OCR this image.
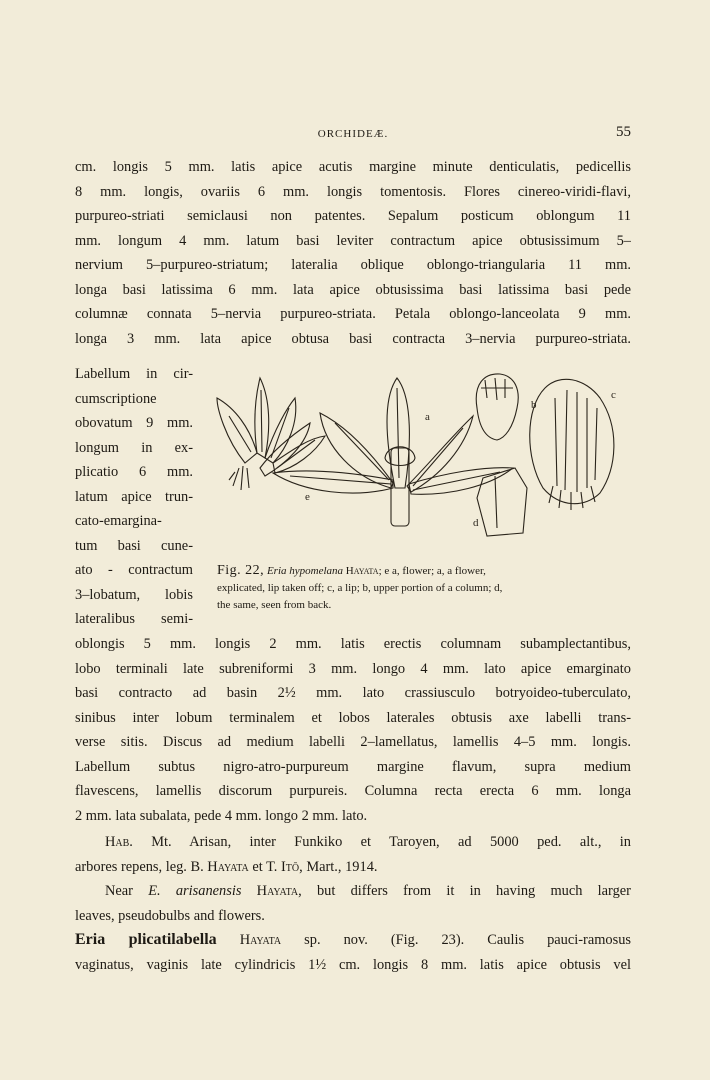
ORCHIDEÆ.	55
cm. longis 5 mm. latis apice acutis margine minute denticulatis, pedicellis
8 mm. longis, ovariis 6 mm. longis tomentosis. Flores cinereo-viridi-flavi,
purpureo-striati semiclausi non patentes. Sepalum posticum oblongum 11
mm. longum 4 mm. latum basi leviter contractum apice obtusissimum 5–
nervium 5–purpureo-striatum; lateralia oblique oblongo-triangularia 11 mm.
longa basi latissima 6 mm. lata apice obtusissima basi latissima basi pede
columnæ connata 5–nervia purpureo-striata. Petala oblongo-lanceolata 9 mm.
longa 3 mm. lata apice obtusa basi contracta 3–nervia purpureo-striata.
Labellum in cir-
cumscriptione
obovatum 9 mm.
longum in ex-
plicatio 6 mm.
latum apice trun-
cato-emargina-
tum basi cune-
ato - contractum
3–lobatum, lobis
lateralibus semi-
a
b
c
d
e
Fig. 22, Eria hypomelana Hayata; e a, flower; a, a flower,
explicated, lip taken off; c, a lip; b, upper portion of a column; d,
the same, seen from back.
oblongis 5 mm. longis 2 mm. latis erectis columnam subamplectantibus,
lobo terminali late subreniformi 3 mm. longo 4 mm. lato apice emarginato
basi contracto ad basin 2½ mm. lato crassiusculo botryoideo-tuberculato,
sinibus inter lobum terminalem et lobos laterales obtusis axe labelli trans-
verse sitis. Discus ad medium labelli 2–lamellatus, lamellis 4–5 mm. longis.
Labellum subtus nigro-atro-purpureum margine flavum, supra medium
flavescens, lamellis discorum purpureis. Columna recta erecta 6 mm. longa
2 mm. lata subalata, pede 4 mm. longo 2 mm. lato.
Hab. Mt. Arisan, inter Funkiko et Taroyen, ad 5000 ped. alt., in
arbores repens, leg. B. Hayata et T. Itō, Mart., 1914.
Near E. arisanensis Hayata, but differs from it in having much larger
leaves, pseudobulbs and flowers.
Eria plicatilabella Hayata sp. nov. (Fig. 23). Caulis pauci-ramosus
vaginatus, vaginis late cylindricis 1½ cm. longis 8 mm. latis apice obtusis vel
